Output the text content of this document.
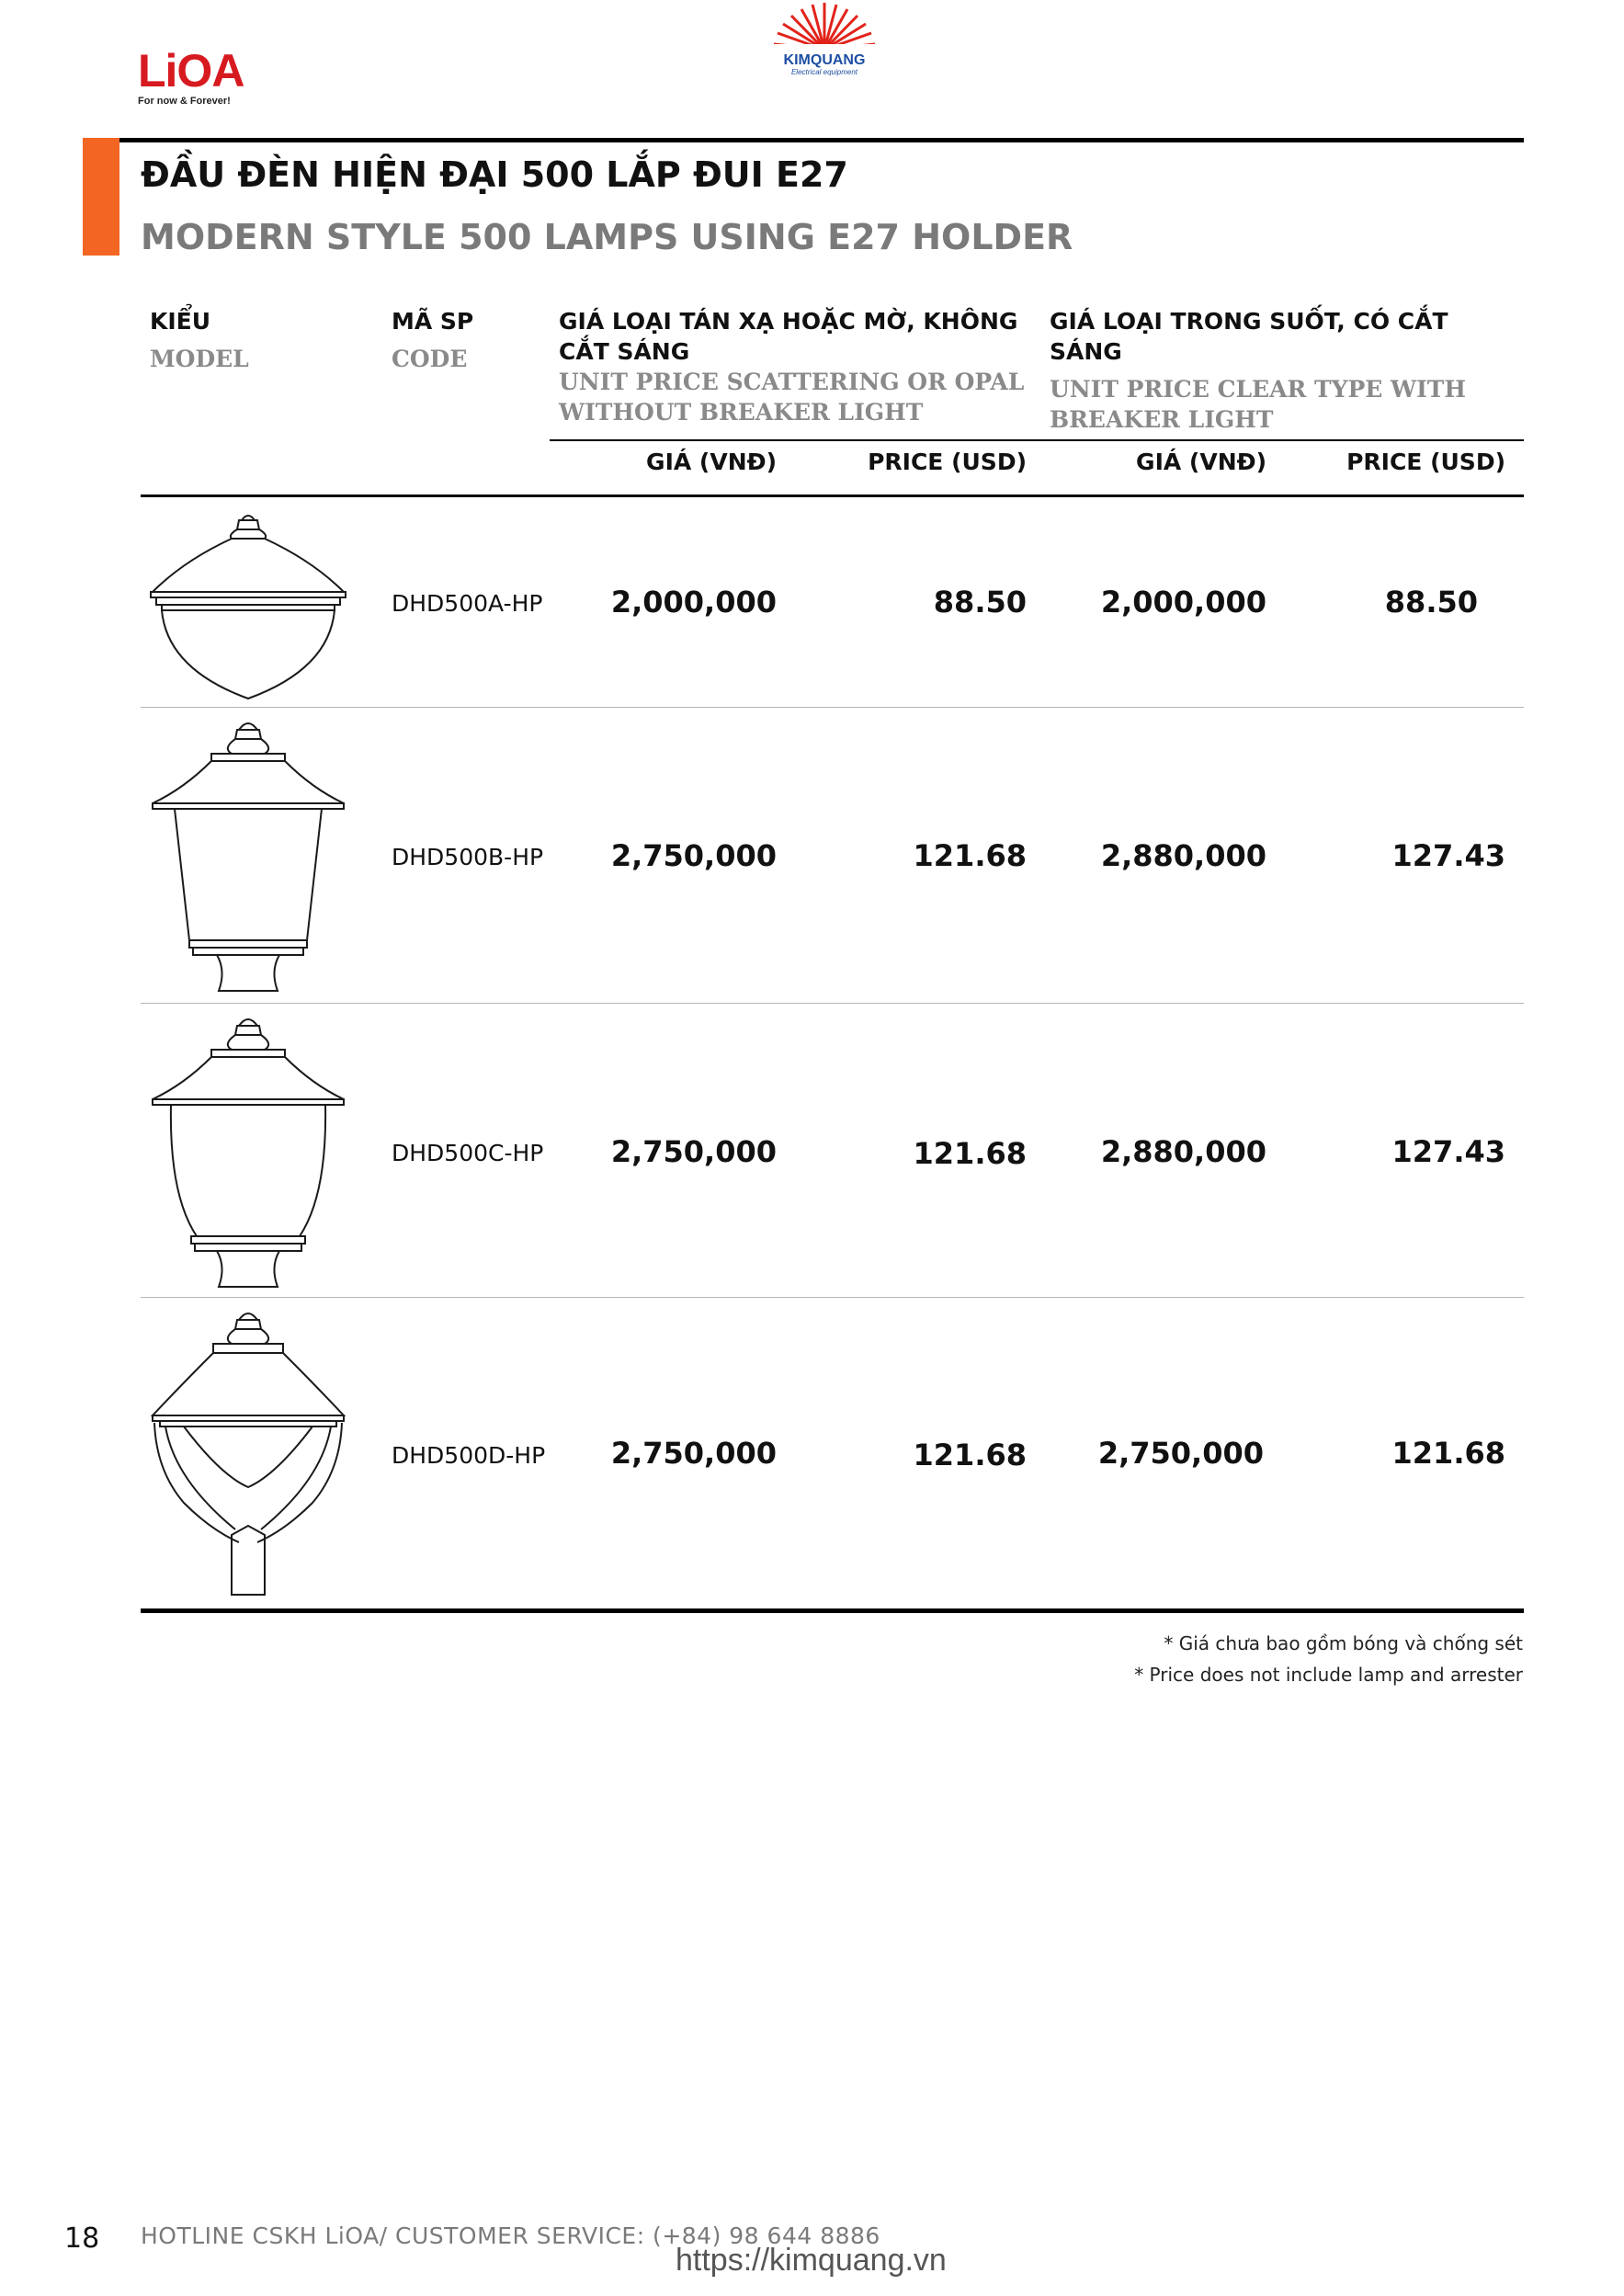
LiOA
For now & Forever!
KIMQUANG
Electrical equipment
ĐẦU ĐÈN HIỆN ĐẠI 500 LẮP ĐUI E27
MODERN STYLE 500 LAMPS USING E27 HOLDER
KIỂU
MODEL
MÃ SP
CODE
GIÁ LOẠI TÁN XẠ HOẶC MỜ, KHÔNG CẮT SÁNG
UNIT PRICE SCATTERING OR OPAL WITHOUT BREAKER LIGHT
GIÁ LOẠI TRONG SUỐT, CÓ CẮT SÁNG
UNIT PRICE CLEAR TYPE WITH BREAKER LIGHT
GIÁ (VNĐ)	PRICE (USD)	GIÁ (VNĐ)	PRICE (USD)
DHD500A-HP	2,000,000	88.50	2,000,000	88.50
DHD500B-HP	2,750,000	121.68	2,880,000	127.43
DHD500C-HP	2,750,000	121.68	2,880,000	127.43
DHD500D-HP	2,750,000	121.68	2,750,000	121.68
* Giá chưa bao gồm bóng và chống sét
* Price does not include lamp and arrester
18 HOTLINE CSKH LiOA/ CUSTOMER SERVICE: (+84) 98 644 8886
https://kimquang.vn
